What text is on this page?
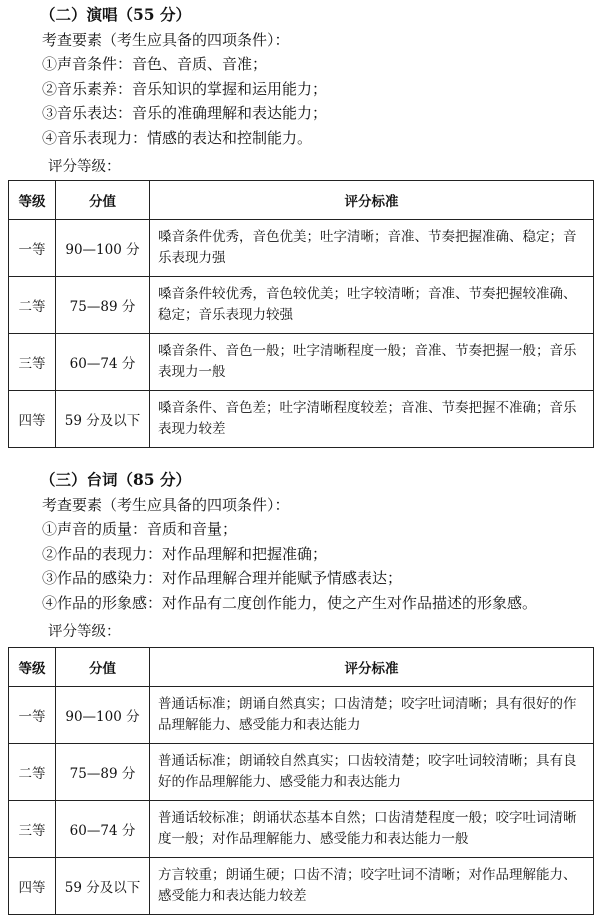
（二）演唱（55 分）
考查要素（考生应具备的四项条件）：
①声音条件：音色、音质、音准；
②音乐素养：音乐知识的掌握和运用能力；
③音乐表达：音乐的准确理解和表达能力；
④音乐表现力：情感的表达和控制能力。
评分等级：
等级	分值	评分标准
一等	90—100 分	嗓音条件优秀，音色优美；吐字清晰；音准、节奏把握准确、稳定；音乐表现力强
二等	75—89 分	嗓音条件较优秀，音色较优美；吐字较清晰；音准、节奏把握较准确、稳定；音乐表现力较强
三等	60—74 分	嗓音条件、音色一般；吐字清晰程度一般；音准、节奏把握一般；音乐表现力一般
四等	59 分及以下	嗓音条件、音色差；吐字清晰程度较差；音准、节奏把握不准确；音乐表现力较差
（三）台词（85 分）
考查要素（考生应具备的四项条件）：
①声音的质量：音质和音量；
②作品的表现力：对作品理解和把握准确；
③作品的感染力：对作品理解合理并能赋予情感表达；
④作品的形象感：对作品有二度创作能力，使之产生对作品描述的形象感。
评分等级：
等级	分值	评分标准
一等	90—100 分	普通话标准；朗诵自然真实；口齿清楚；咬字吐词清晰；具有很好的作品理解能力、感受能力和表达能力
二等	75—89 分	普通话标准；朗诵较自然真实；口齿较清楚；咬字吐词较清晰；具有良好的作品理解能力、感受能力和表达能力
三等	60—74 分	普通话较标准；朗诵状态基本自然；口齿清楚程度一般；咬字吐词清晰度一般；对作品理解能力、感受能力和表达能力一般
四等	59 分及以下	方言较重；朗诵生硬；口齿不清；咬字吐词不清晰；对作品理解能力、感受能力和表达能力较差
